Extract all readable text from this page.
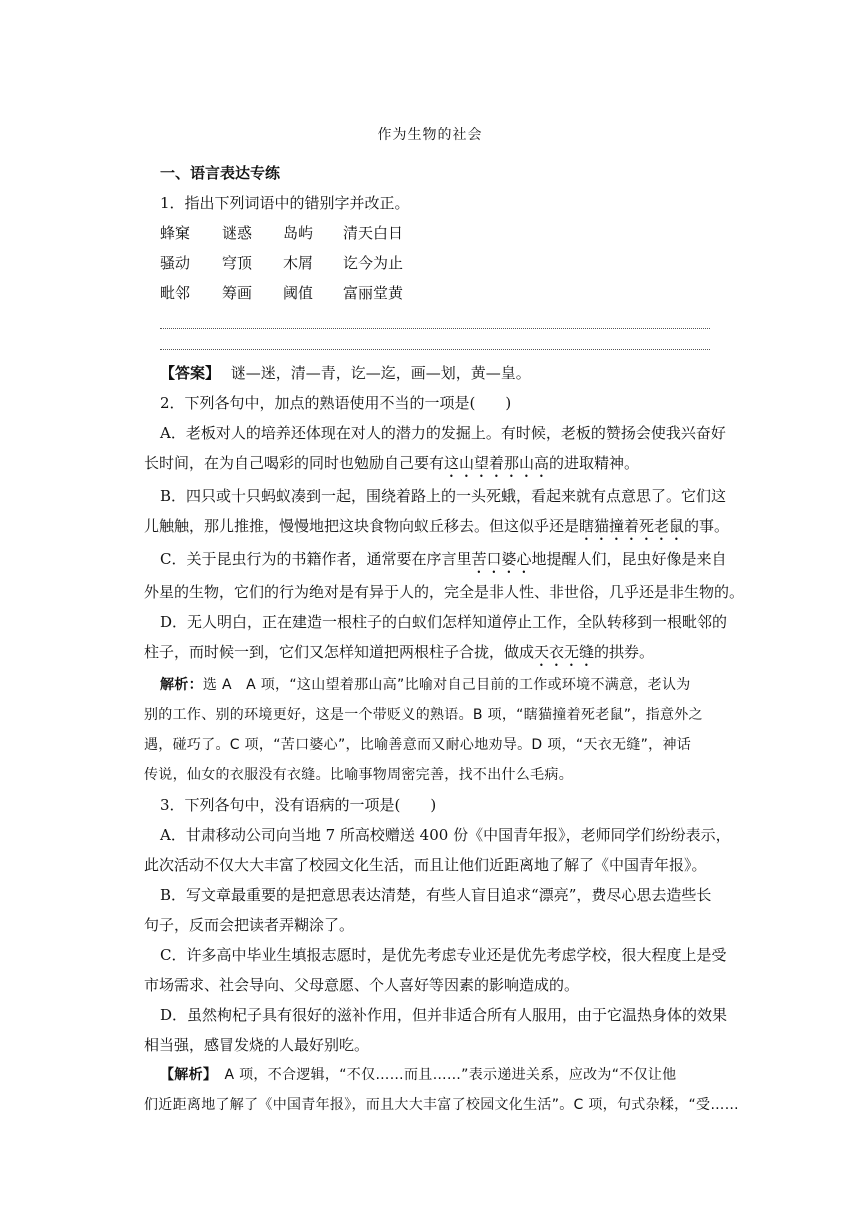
作为生物的社会

一、语言表达专练

1．指出下列词语中的错别字并改正。

蜂窠	谜惑	岛屿	清天白日
骚动	穹顶	木屑	讫今为止
毗邻	筹画	阈值	富丽堂黄

【答案】 谜—迷，清—青，讫—迄，画—划，黄—皇。

2．下列各句中，加点的熟语使用不当的一项是(　　)

A．老板对人的培养还体现在对人的潜力的发掘上。有时候，老板的赞扬会使我兴奋好

长时间，在为自己喝彩的同时也勉励自己要有这山望着那山高的进取精神。

B．四只或十只蚂蚁凑到一起，围绕着路上的一头死蛾，看起来就有点意思了。它们这

儿触触，那儿推推，慢慢地把这块食物向蚁丘移去。但这似乎还是瞎猫撞着死老鼠的事。

C．关于昆虫行为的书籍作者，通常要在序言里苦口婆心地提醒人们，昆虫好像是来自

外星的生物，它们的行为绝对是有异于人的，完全是非人性、非世俗，几乎还是非生物的。

D．无人明白，正在建造一根柱子的白蚁们怎样知道停止工作，全队转移到一根毗邻的

柱子，而时候一到，它们又怎样知道把两根柱子合拢，做成天衣无缝的拱券。

解析：选 A　A 项，“这山望着那山高”比喻对自己目前的工作或环境不满意，老认为

别的工作、别的环境更好，这是一个带贬义的熟语。B 项，“瞎猫撞着死老鼠”，指意外之

遇，碰巧了。C 项，“苦口婆心”，比喻善意而又耐心地劝导。D 项，“天衣无缝”，神话

传说，仙女的衣服没有衣缝。比喻事物周密完善，找不出什么毛病。

3．下列各句中，没有语病的一项是(　　)

A．甘肃移动公司向当地 7 所高校赠送 400 份《中国青年报》，老师同学们纷纷表示，

此次活动不仅大大丰富了校园文化生活，而且让他们近距离地了解了《中国青年报》。

B．写文章最重要的是把意思表达清楚，有些人盲目追求“漂亮”，费尽心思去造些长

句子，反而会把读者弄糊涂了。

C．许多高中毕业生填报志愿时，是优先考虑专业还是优先考虑学校，很大程度上是受

市场需求、社会导向、父母意愿、个人喜好等因素的影响造成的。

D．虽然枸杞子具有很好的滋补作用，但并非适合所有人服用，由于它温热身体的效果

相当强，感冒发烧的人最好别吃。

【解析】　A 项，不合逻辑，“不仅……而且……”表示递进关系，应改为“不仅让他

们近距离地了解了《中国青年报》，而且大大丰富了校园文化生活”。C 项，句式杂糅，“受……
